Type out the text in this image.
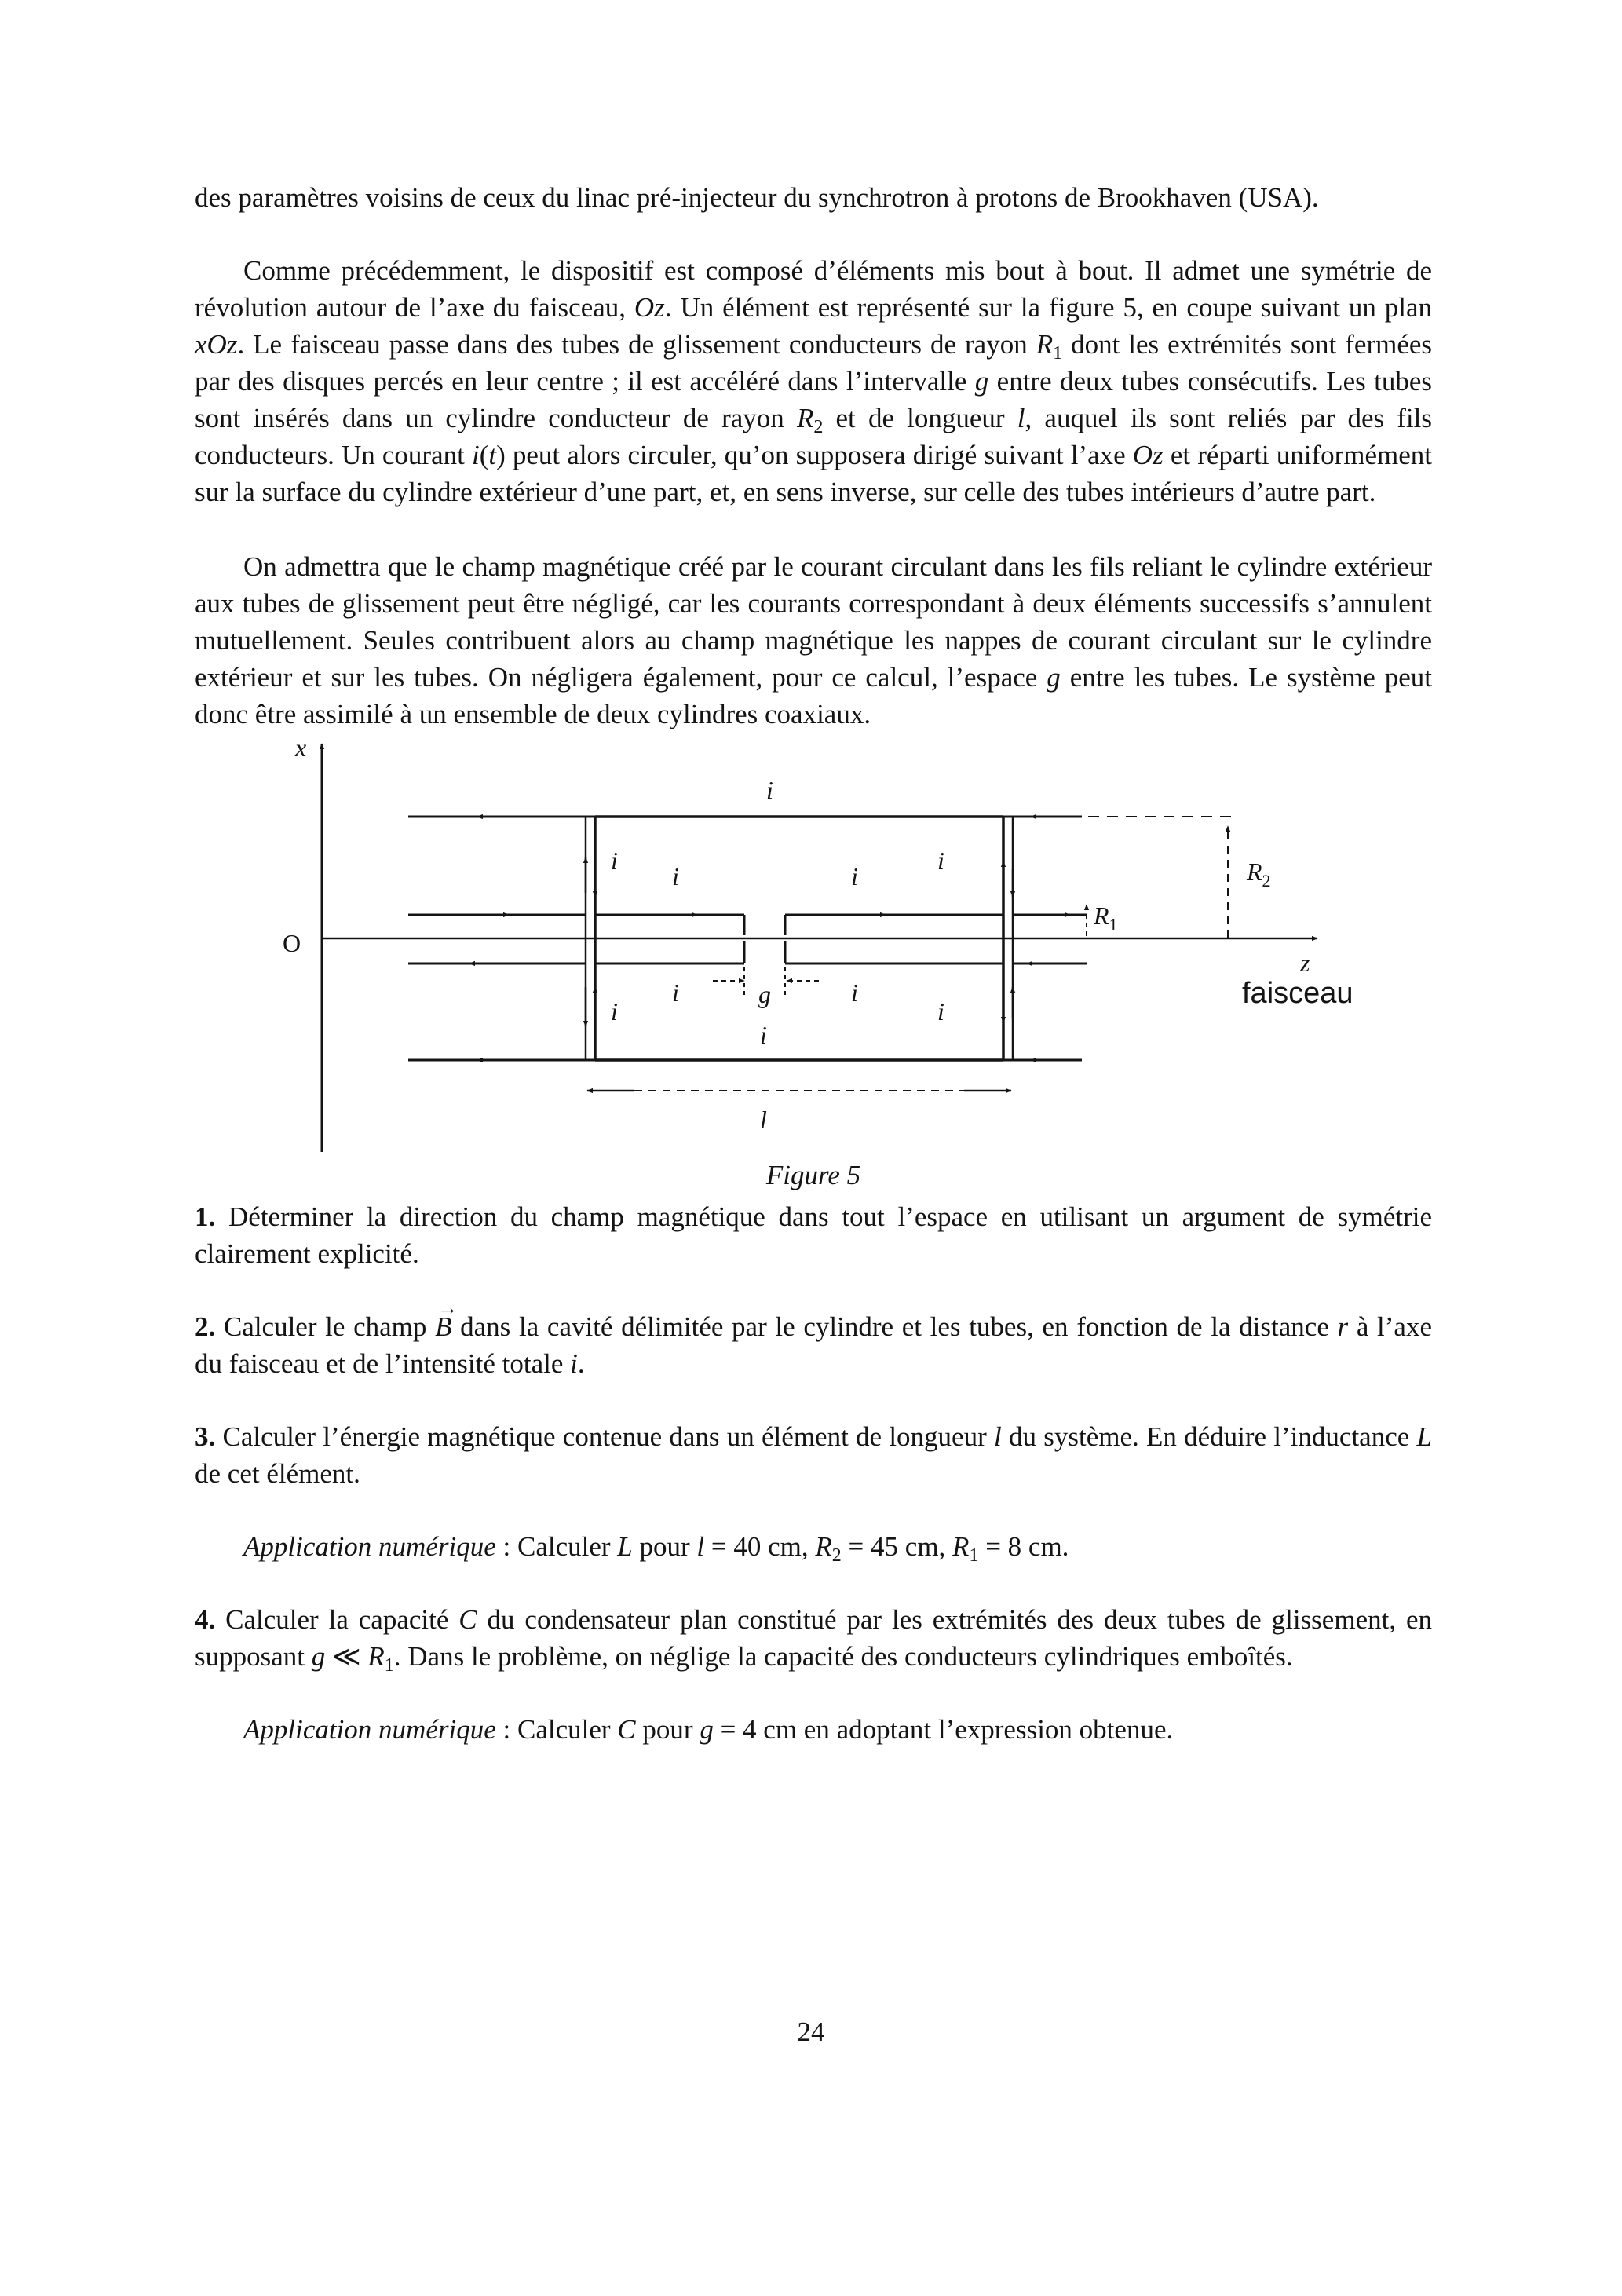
des paramètres voisins de ceux du linac pré-injecteur du synchrotron à protons de Brookhaven (USA).

Comme précédemment, le dispositif est composé d’éléments mis bout à bout. Il admet une symétrie de révolution autour de l’axe du faisceau, Oz. Un élément est représenté sur la figure 5, en coupe suivant un plan xOz. Le faisceau passe dans des tubes de glissement conducteurs de rayon $R_1$ dont les extrémités sont fermées par des disques percés en leur centre ; il est accéléré dans l’intervalle g entre deux tubes consécutifs. Les tubes sont insérés dans un cylindre conducteur de rayon $R_2$ et de longueur l, auquel ils sont reliés par des fils conducteurs. Un courant i(t) peut alors circuler, qu’on supposera dirigé suivant l’axe Oz et réparti uniformément sur la surface du cylindre extérieur d’une part, et, en sens inverse, sur celle des tubes intérieurs d’autre part.

On admettra que le champ magnétique créé par le courant circulant dans les fils reliant le cylindre extérieur aux tubes de glissement peut être négligé, car les courants correspondant à deux éléments successifs s’annulent mutuellement. Seules contribuent alors au champ magnétique les nappes de courant circulant sur le cylindre extérieur et sur les tubes. On négligera également, pour ce calcul, l’espace g entre les tubes. Le système peut donc être assimilé à un ensemble de deux cylindres coaxiaux.

x
O
z
faisceau
$R_2$
$R_1$
g
l
i
i
i	i
i
i	i
i	i
i
Figure 5

1. Déterminer la direction du champ magnétique dans tout l’espace en utilisant un argument de symétrie clairement explicité.

2. Calculer le champ → B dans la cavité délimitée par le cylindre et les tubes, en fonction de la distance r à l’axe du faisceau et de l’intensité totale i.

3. Calculer l’énergie magnétique contenue dans un élément de longueur l du système. En déduire l’inductance L de cet élément.

Application numérique : Calculer L pour l = 40 cm, $R_2 = 45$ cm, $R_1 = 8$ cm.

4. Calculer la capacité C du condensateur plan constitué par les extrémités des deux tubes de glissement, en supposant g ≪ $R_1$. Dans le problème, on néglige la capacité des conducteurs cylindriques emboîtés.

Application numérique : Calculer C pour g = 4 cm en adoptant l’expression obtenue.

24
